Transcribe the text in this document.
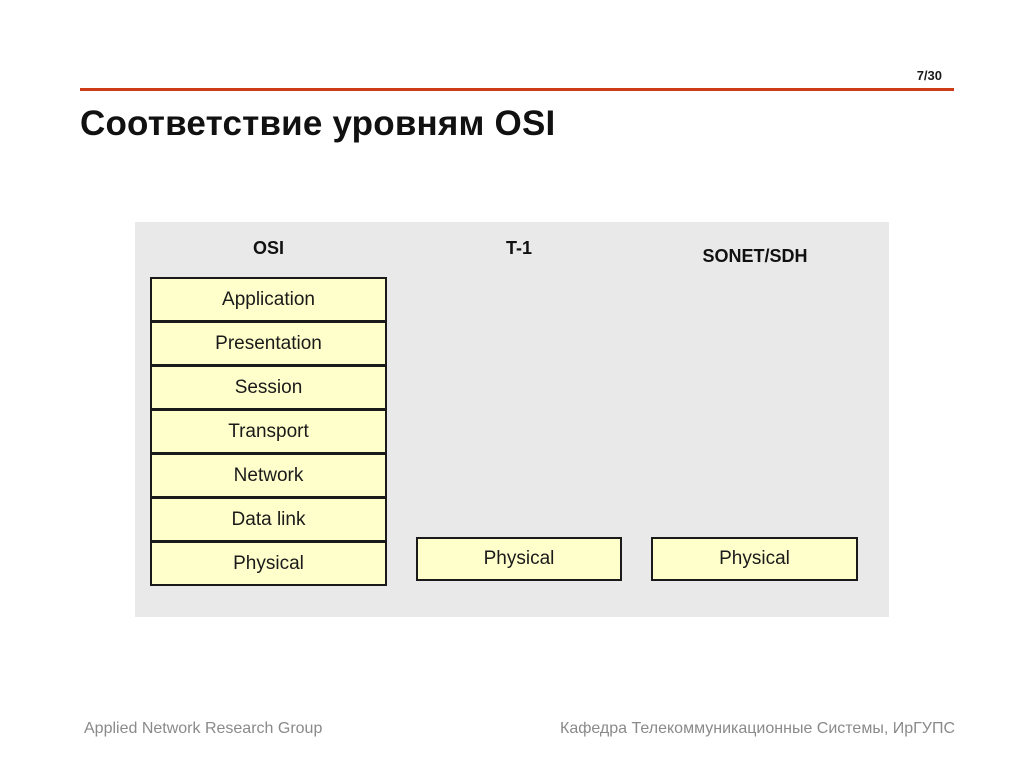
7/30
Соответствие уровням OSI
OSI	T-1	SONET/SDH
Application
Presentation
Session
Transport
Network
Data link
Physical	Physical	Physical
Applied Network Research Group	Кафедра Телекоммуникационные Системы, ИрГУПС
